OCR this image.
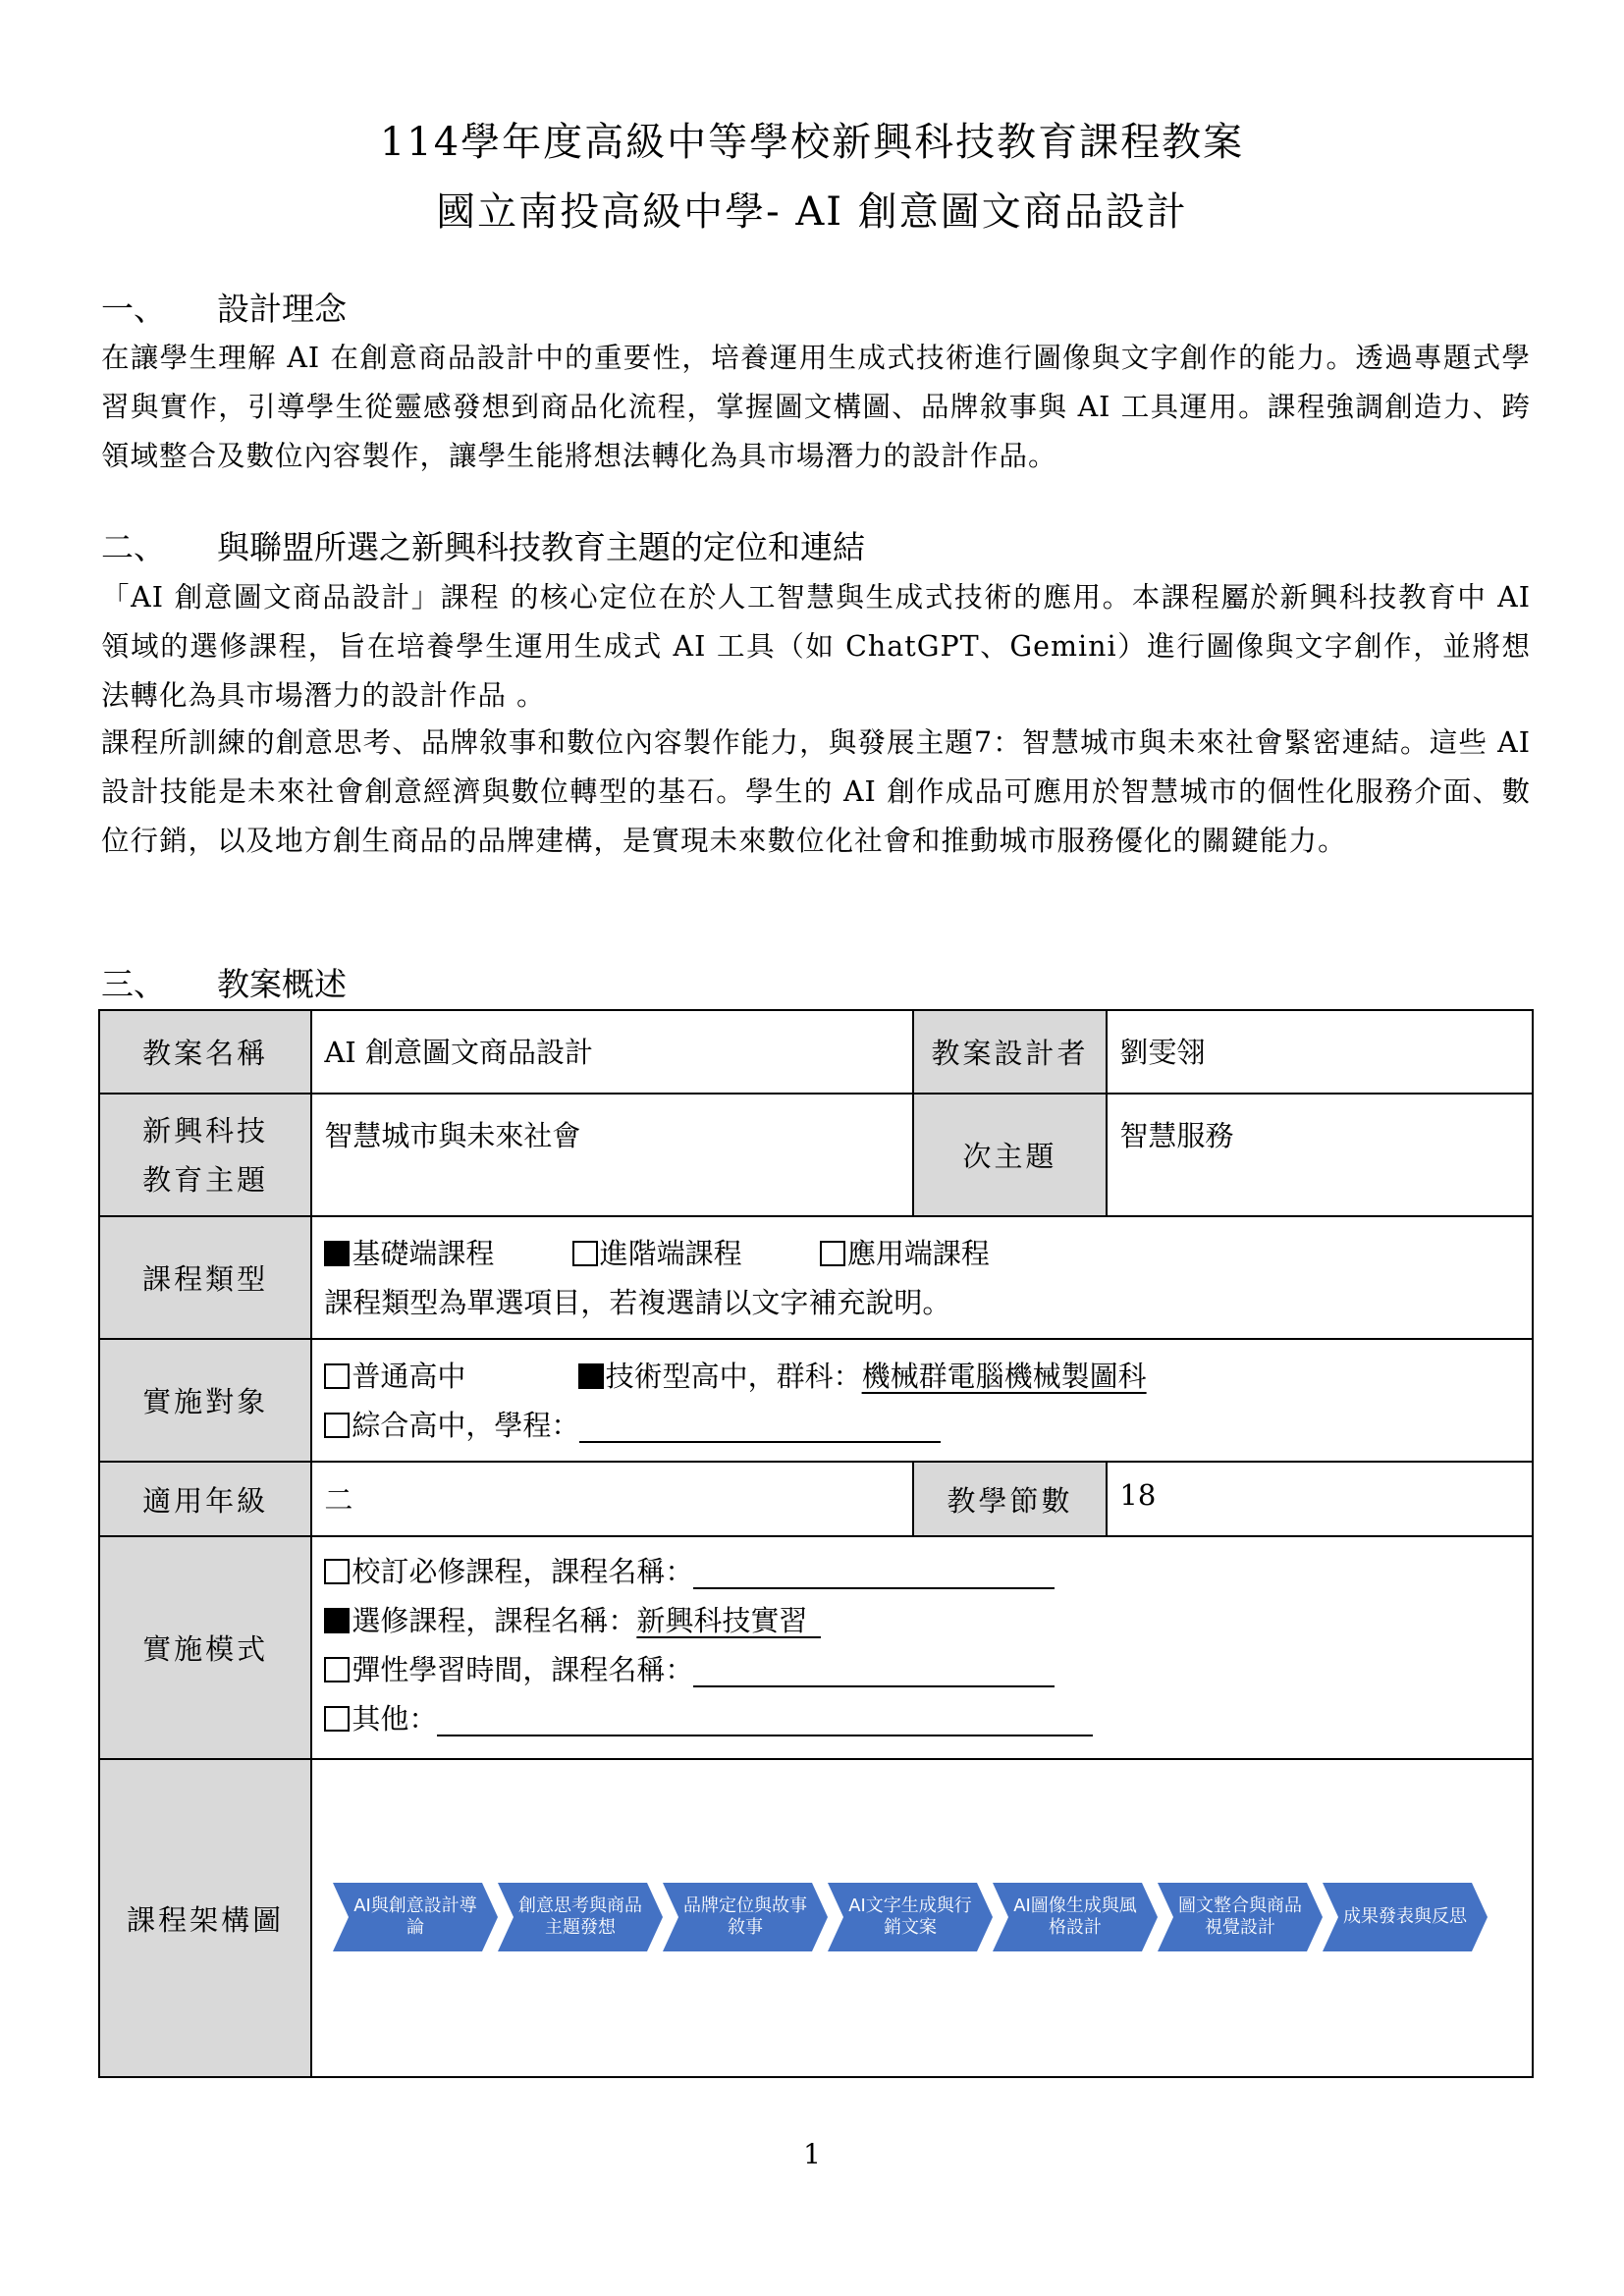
114學年度高級中等學校新興科技教育課程教案
國立南投高級中學- AI 創意圖文商品設計
一、	設計理念
在讓學生理解 AI 在創意商品設計中的重要性，培養運用生成式技術進行圖像與文字創作的能力。透過專題式學習與實作，引導學生從靈感發想到商品化流程，掌握圖文構圖、品牌敘事與 AI 工具運用。課程強調創造力、跨領域整合及數位內容製作，讓學生能將想法轉化為具市場潛力的設計作品。
二、	與聯盟所選之新興科技教育主題的定位和連結
「AI 創意圖文商品設計」課程 的核心定位在於人工智慧與生成式技術的應用。本課程屬於新興科技教育中 AI 領域的選修課程，旨在培養學生運用生成式 AI 工具（如 ChatGPT、Gemini）進行圖像與文字創作，並將想法轉化為具市場潛力的設計作品 。
課程所訓練的創意思考、品牌敘事和數位內容製作能力，與發展主題7：智慧城市與未來社會緊密連結。這些 AI 設計技能是未來社會創意經濟與數位轉型的基石。學生的 AI 創作成品可應用於智慧城市的個性化服務介面、數位行銷，以及地方創生商品的品牌建構，是實現未來數位化社會和推動城市服務優化的關鍵能力。
三、	教案概述
教案名稱	AI 創意圖文商品設計	教案設計者	劉雯翎

新興科技
教育主題	智慧城市與未來社會	次主題	智慧服務

課程類型	基礎端課程 進階端課程 應用端課程
課程類型為單選項目，若複選請以文字補充說明。		

實施對象	普通高中 技術型高中，群科：機械群電腦機械製圖科
綜合高中，學程：		

適用年級	二	教學節數	18

實施模式	校訂必修課程，課程名稱：
選修課程，課程名稱：新興科技實習
彈性學習時間，課程名稱：
其他：		

課程架構圖				AI與創意設計導論
創意思考與商品主題發想
品牌定位與故事敘事
AI文字生成與行銷文案
AI圖像生成與風格設計
圖文整合與商品視覺設計
成果發表與反思
1
